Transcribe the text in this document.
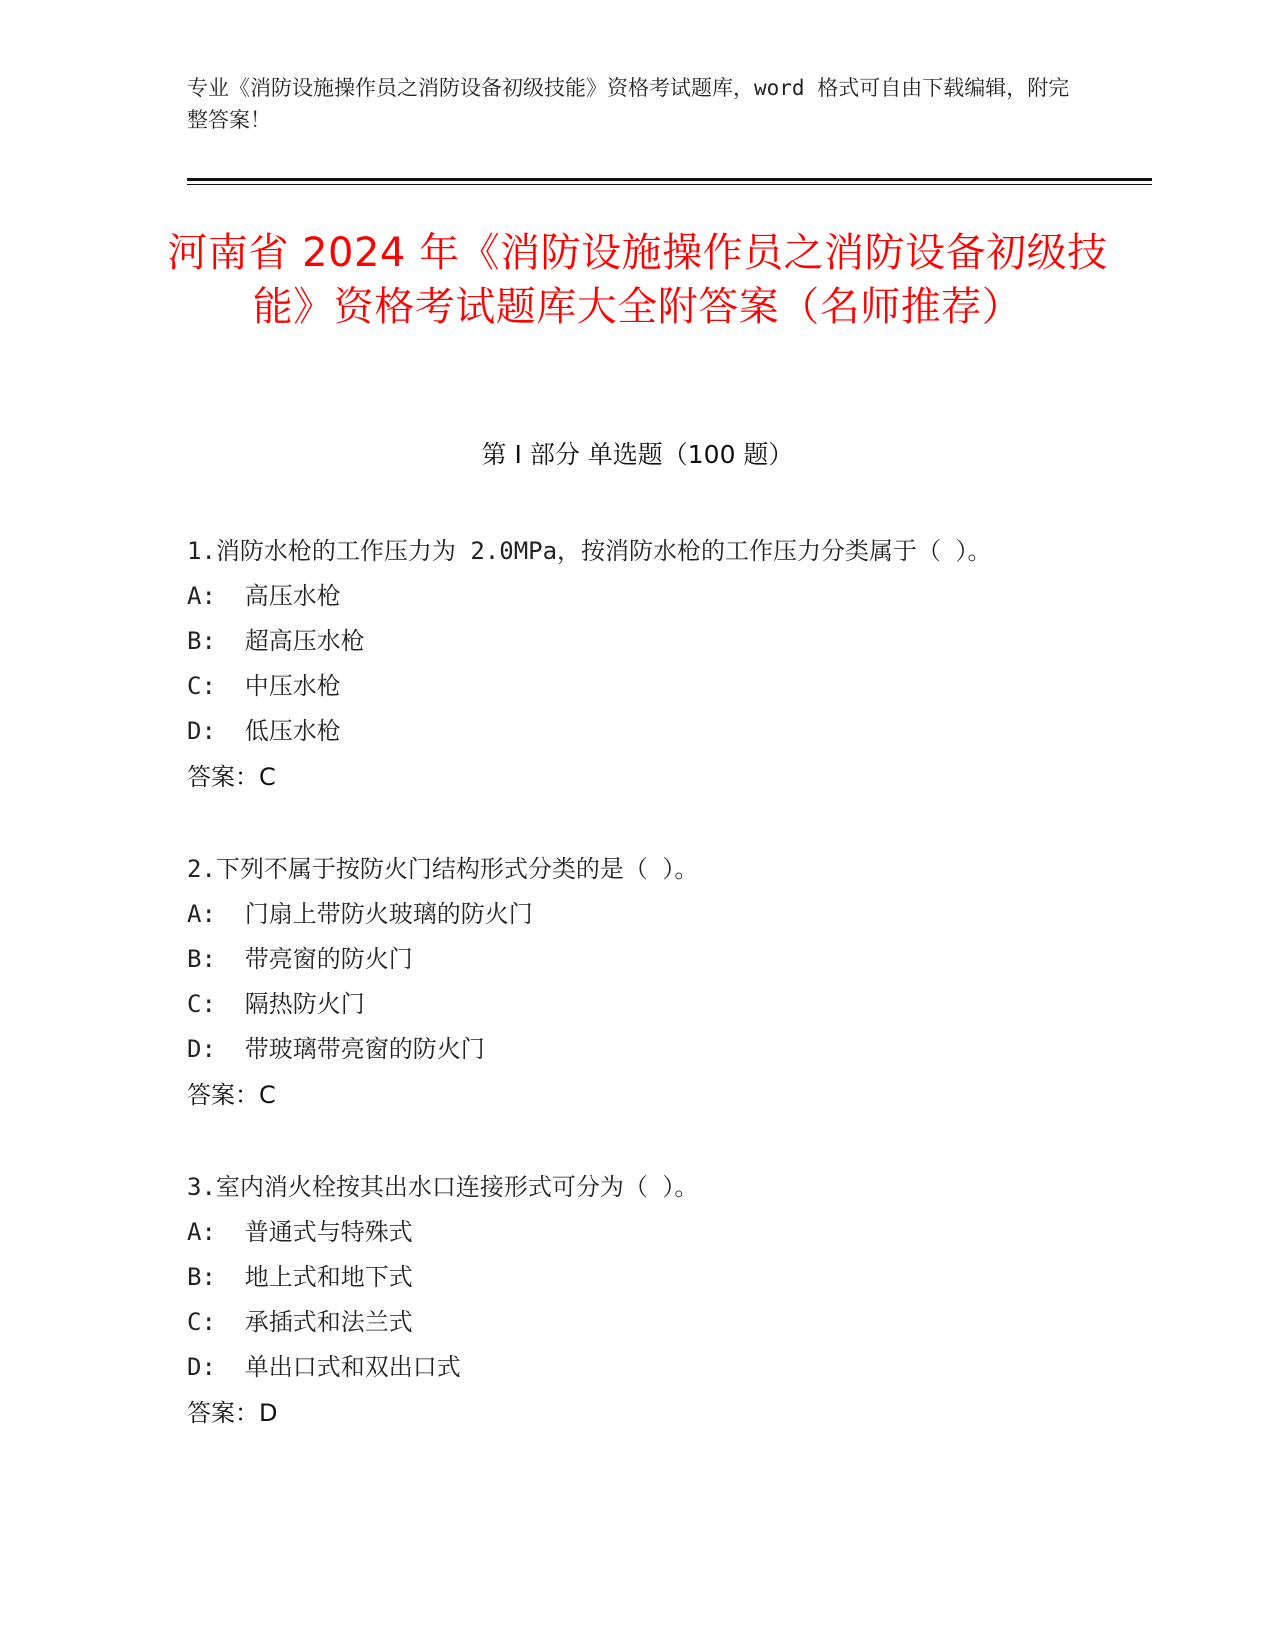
专业《消防设施操作员之消防设备初级技能》资格考试题库，word 格式可自由下载编辑，附完整答案！
河南省 2024 年《消防设施操作员之消防设备初级技能》资格考试题库大全附答案（名师推荐）
第 I 部分 单选题（100 题）

1.消防水枪的工作压力为 2.0MPa，按消防水枪的工作压力分类属于（ ）。

A:  高压水枪

B:  超高压水枪

C:  中压水枪

D:  低压水枪

答案：C

2.下列不属于按防火门结构形式分类的是（ ）。

A:  门扇上带防火玻璃的防火门

B:  带亮窗的防火门

C:  隔热防火门

D:  带玻璃带亮窗的防火门

答案：C

3.室内消火栓按其出水口连接形式可分为（ ）。

A:  普通式与特殊式

B:  地上式和地下式

C:  承插式和法兰式

D:  单出口式和双出口式

答案：D
